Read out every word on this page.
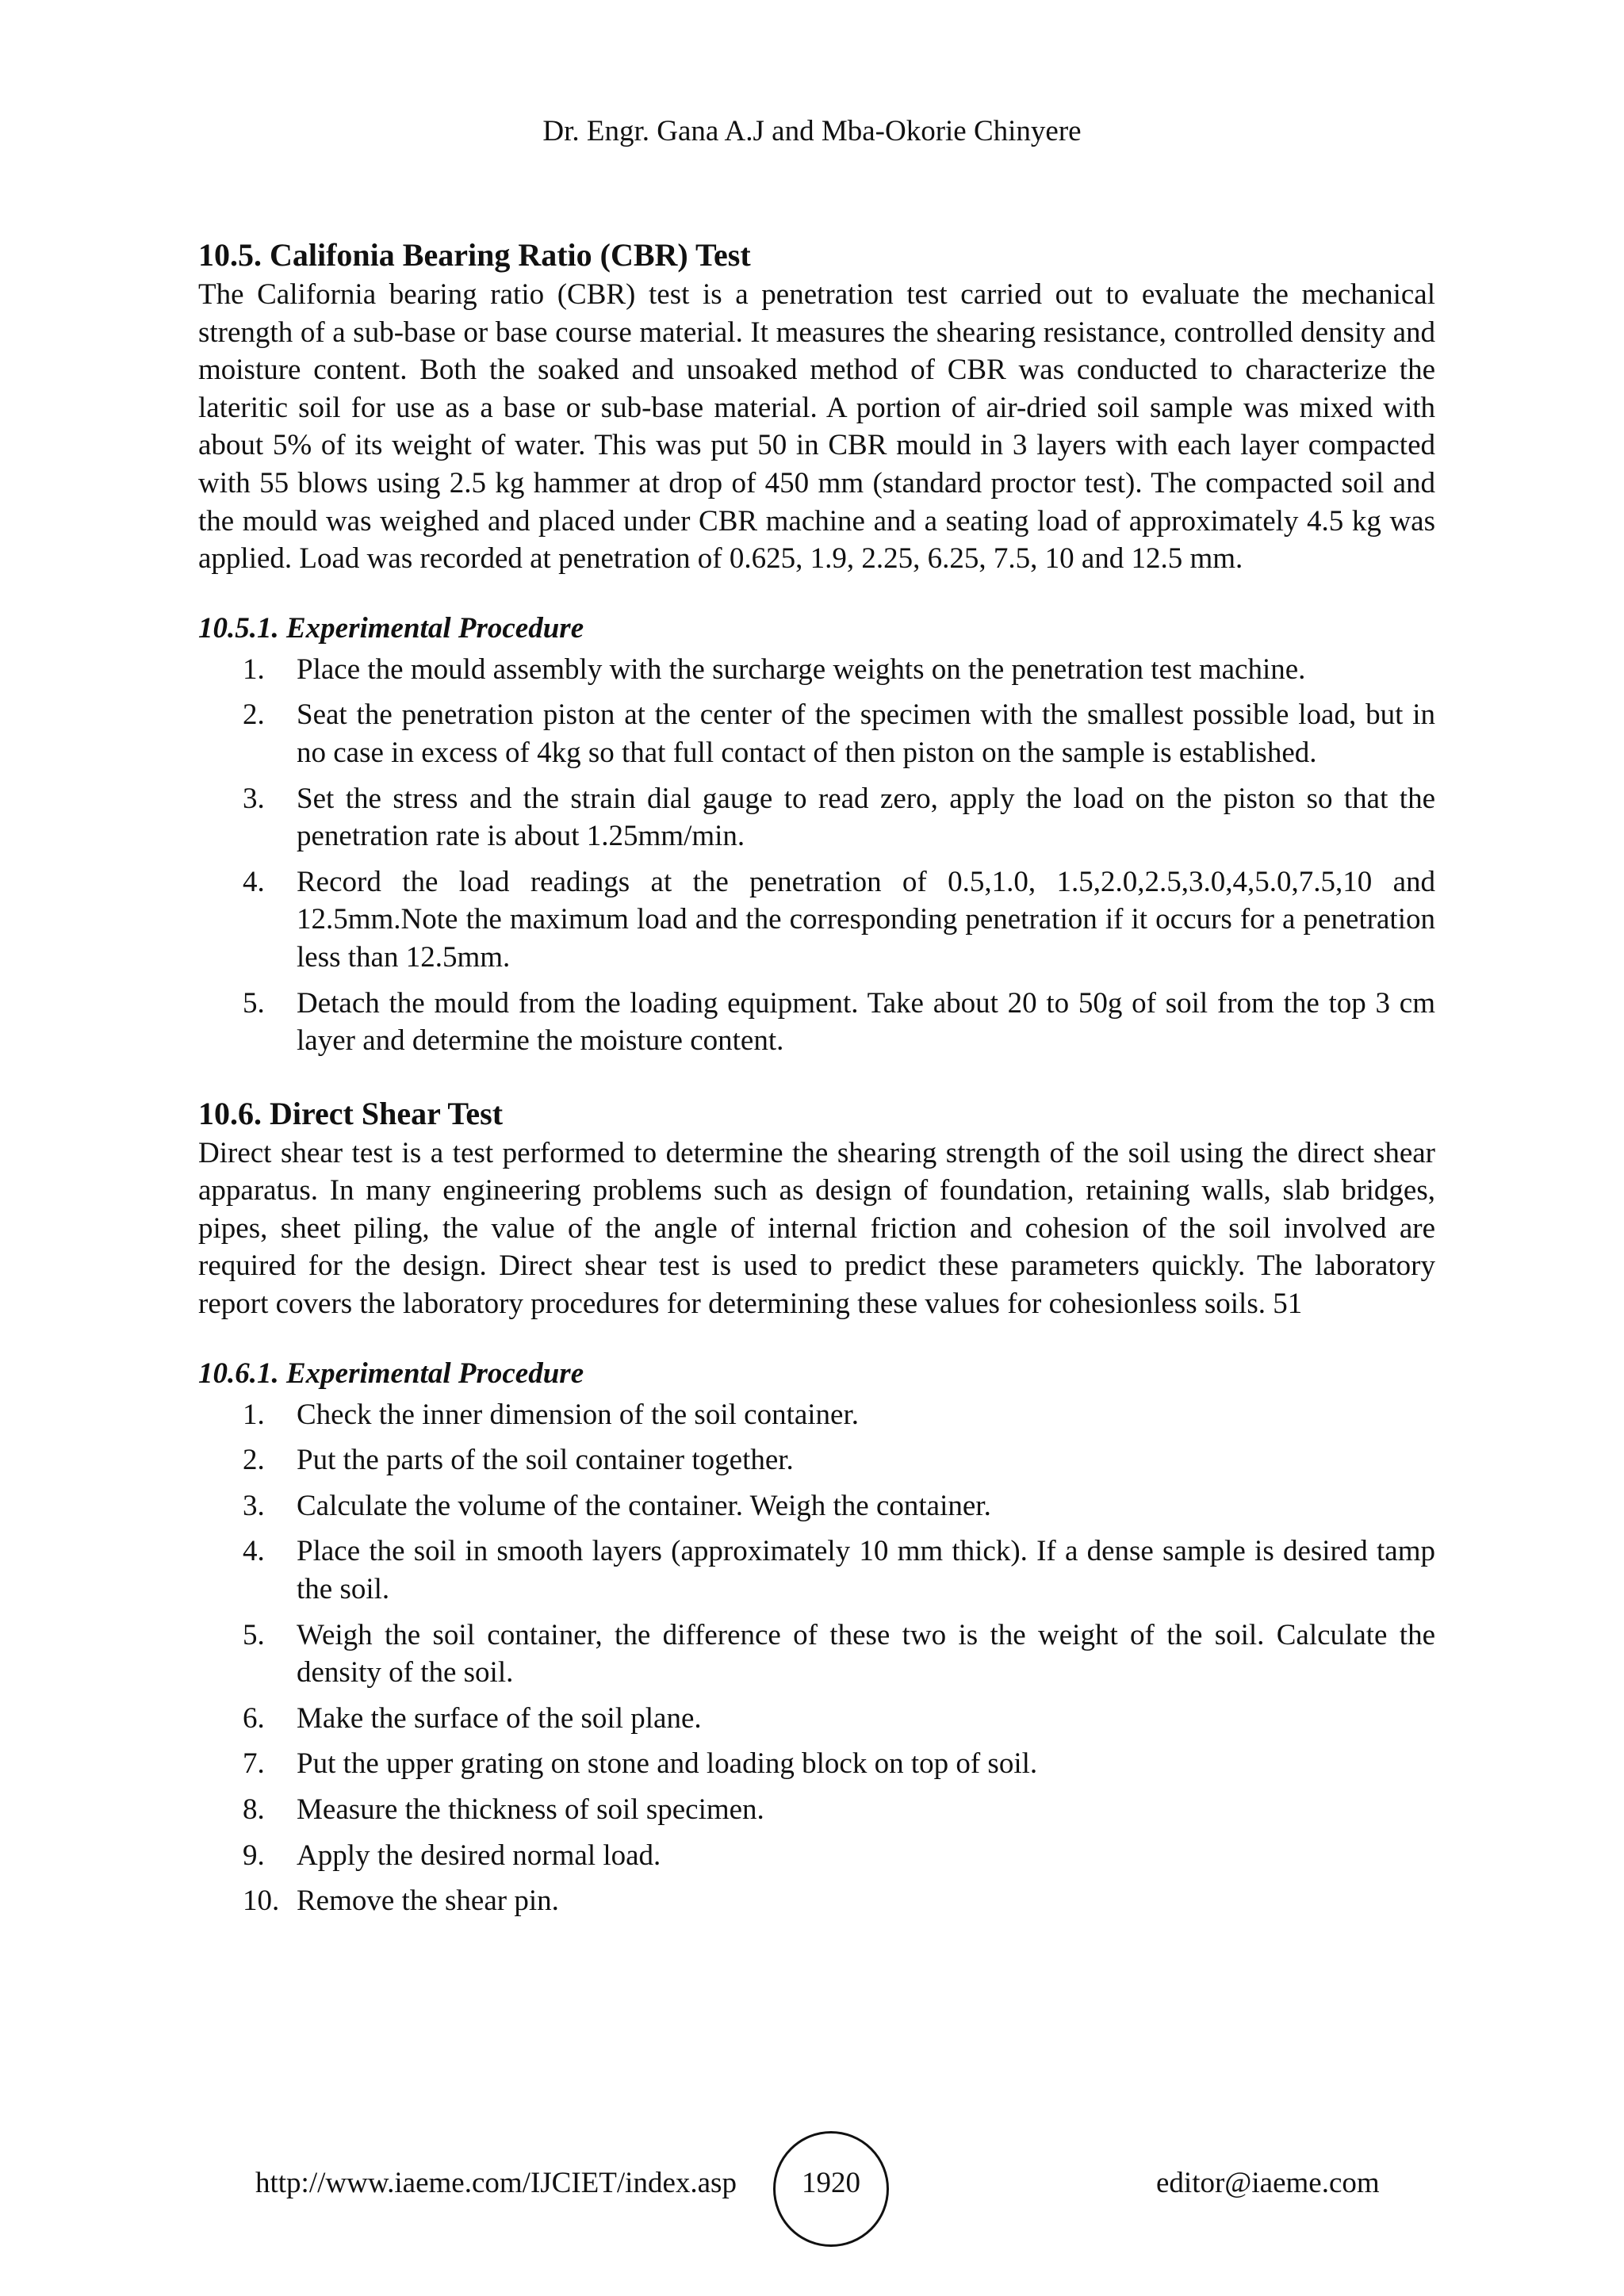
Dr. Engr. Gana A.J and Mba-Okorie Chinyere
10.5. Califonia Bearing Ratio (CBR) Test

The California bearing ratio (CBR) test is a penetration test carried out to evaluate the mechanical strength of a sub-base or base course material. It measures the shearing resistance, controlled density and moisture content. Both the soaked and unsoaked method of CBR was conducted to characterize the lateritic soil for use as a base or sub-base material. A portion of air-dried soil sample was mixed with about 5% of its weight of water. This was put 50 in CBR mould in 3 layers with each layer compacted with 55 blows using 2.5 kg hammer at drop of 450 mm (standard proctor test). The compacted soil and the mould was weighed and placed under CBR machine and a seating load of approximately 4.5 kg was applied. Load was recorded at penetration of 0.625, 1.9, 2.25, 6.25, 7.5, 10 and 12.5 mm.

10.5.1. Experimental Procedure
1. Place the mould assembly with the surcharge weights on the penetration test machine.
2. Seat the penetration piston at the center of the specimen with the smallest possible load, but in no case in excess of 4kg so that full contact of then piston on the sample is established.
3. Set the stress and the strain dial gauge to read zero, apply the load on the piston so that the penetration rate is about 1.25mm/min.
4. Record the load readings at the penetration of 0.5,1.0, 1.5,2.0,2.5,3.0,4,5.0,7.5,10 and 12.5mm.Note the maximum load and the corresponding penetration if it occurs for a penetration less than 12.5mm.
5. Detach the mould from the loading equipment. Take about 20 to 50g of soil from the top 3 cm layer and determine the moisture content.
10.6. Direct Shear Test

Direct shear test is a test performed to determine the shearing strength of the soil using the direct shear apparatus. In many engineering problems such as design of foundation, retaining walls, slab bridges, pipes, sheet piling, the value of the angle of internal friction and cohesion of the soil involved are required for the design. Direct shear test is used to predict these parameters quickly. The laboratory report covers the laboratory procedures for determining these values for cohesionless soils. 51

10.6.1. Experimental Procedure
1. Check the inner dimension of the soil container.
2. Put the parts of the soil container together.
3. Calculate the volume of the container. Weigh the container.
4. Place the soil in smooth layers (approximately 10 mm thick). If a dense sample is desired tamp the soil.
5. Weigh the soil container, the difference of these two is the weight of the soil. Calculate the density of the soil.
6. Make the surface of the soil plane.
7. Put the upper grating on stone and loading block on top of soil.
8. Measure the thickness of soil specimen.
9. Apply the desired normal load.
10. Remove the shear pin.
http://www.iaeme.com/IJCIET/index.asp	1920	editor@iaeme.com
